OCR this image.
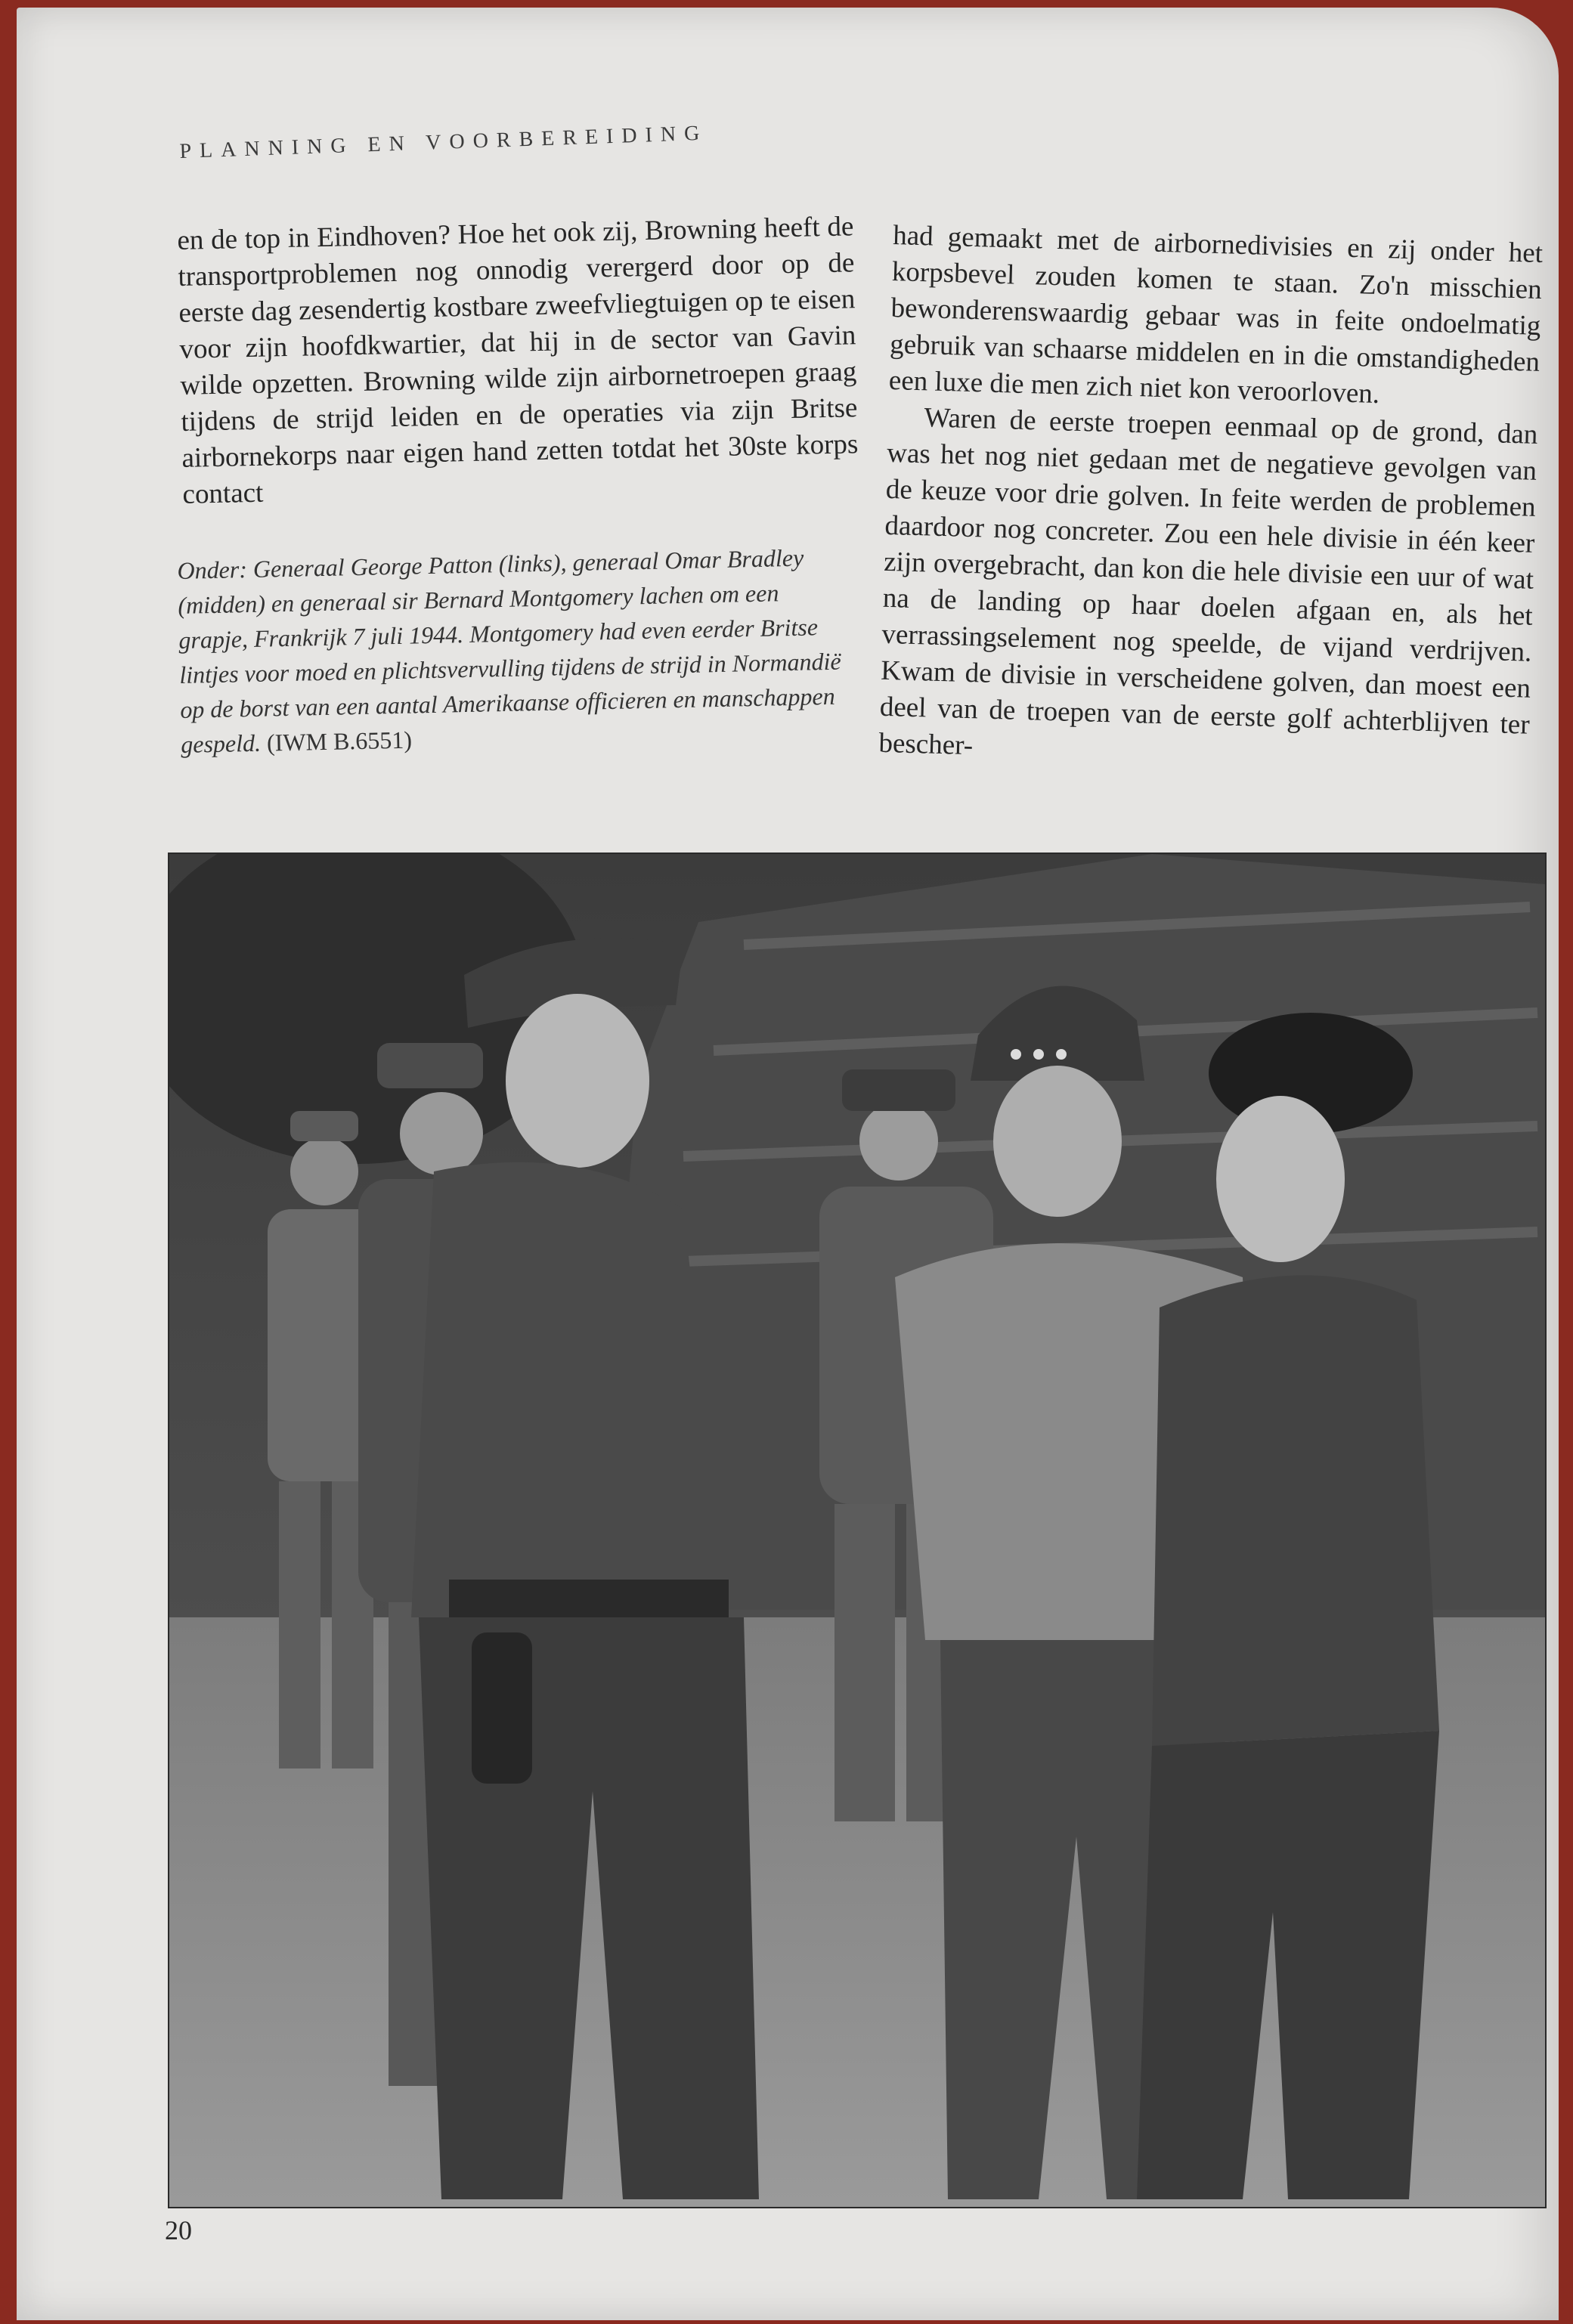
PLANNING EN VOORBEREIDING

en de top in Eindhoven? Hoe het ook zij, Browning heeft de transportproblemen nog onnodig verergerd door op de eerste dag zesendertig kostbare zweefvliegtuigen op te eisen voor zijn hoofdkwartier, dat hij in de sector van Gavin wilde opzetten. Browning wilde zijn airbornetroepen graag tijdens de strijd leiden en de operaties via zijn Britse airbornekorps naar eigen hand zetten totdat het 30ste korps contact

Onder: Generaal George Patton (links), generaal Omar Bradley (midden) en generaal sir Bernard Montgomery lachen om een grapje, Frankrijk 7 juli 1944. Montgomery had even eerder Britse lintjes voor moed en plichtsvervulling tijdens de strijd in Normandië op de borst van een aantal Amerikaanse officieren en manschappen gespeld. (IWM B.6551)

had gemaakt met de airbornedivisies en zij onder het korpsbevel zouden komen te staan. Zo'n misschien bewonderenswaardig gebaar was in feite ondoelmatig gebruik van schaarse middelen en in die omstandigheden een luxe die men zich niet kon veroorloven.

Waren de eerste troepen eenmaal op de grond, dan was het nog niet gedaan met de negatieve gevolgen van de keuze voor drie golven. In feite werden de problemen daardoor nog concreter. Zou een hele divisie in één keer zijn overgebracht, dan kon die hele divisie een uur of wat na de landing op haar doelen afgaan en, als het verrassingselement nog speelde, de vijand verdrijven. Kwam de divisie in verscheidene golven, dan moest een deel van de troepen van de eerste golf achterblijven ter bescher-

20
